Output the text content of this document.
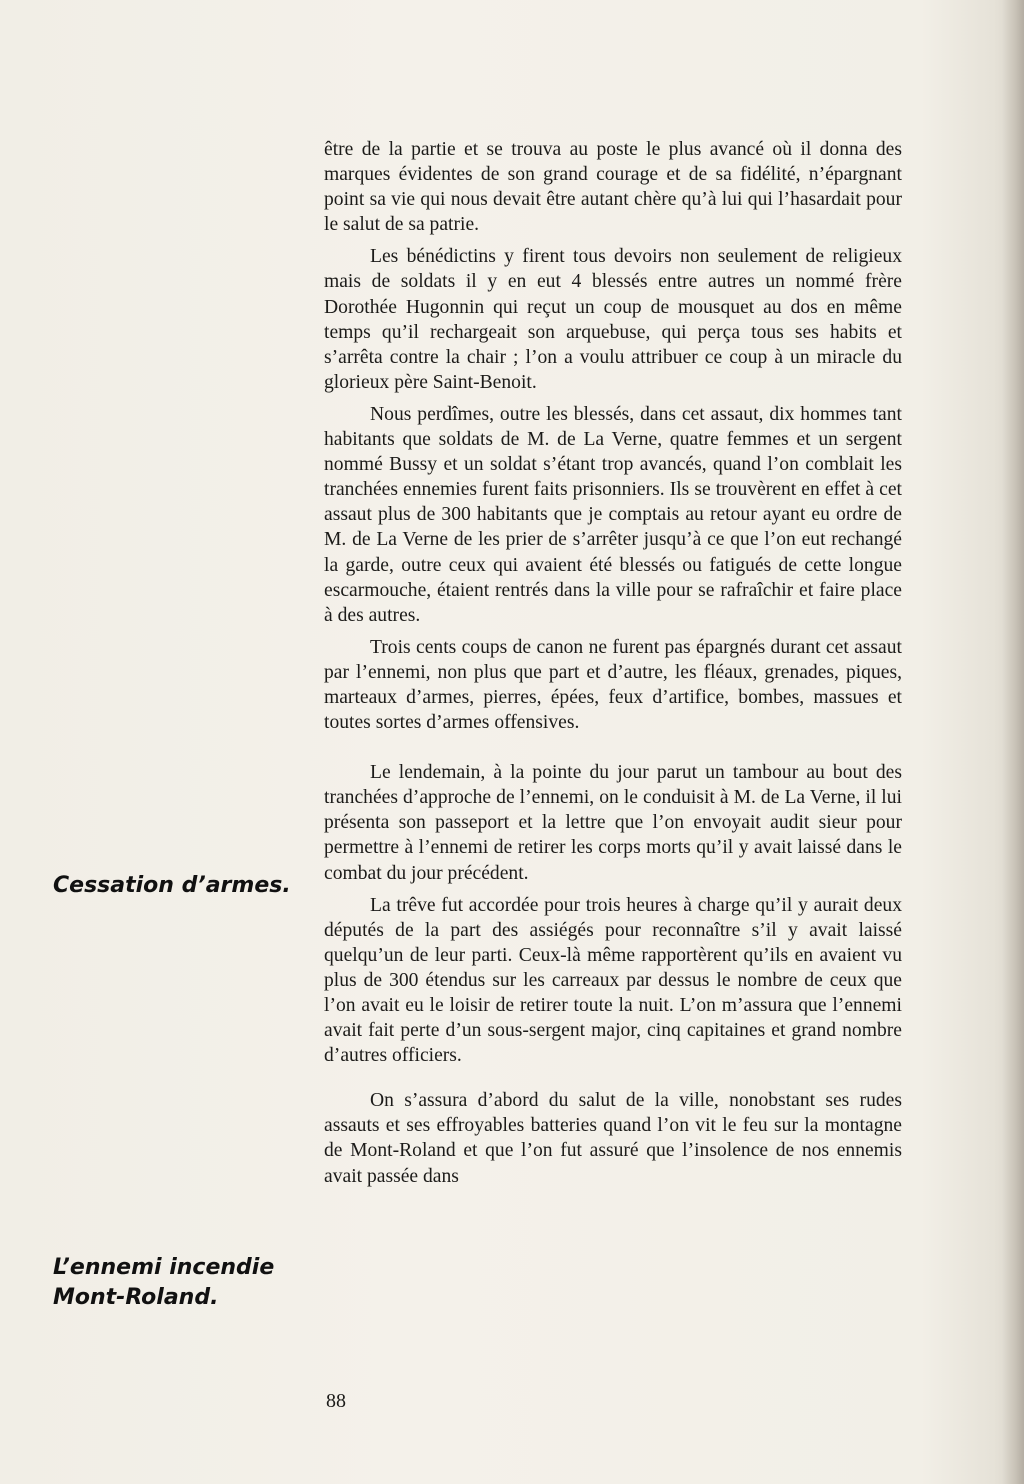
Cessation d’armes.
L’ennemi incendie Mont-Roland.

être de la partie et se trouva au poste le plus avancé où il donna des marques évidentes de son grand courage et de sa fidélité, n’épargnant point sa vie qui nous devait être autant chère qu’à lui qui l’hasardait pour le salut de sa patrie.

Les bénédictins y firent tous devoirs non seulement de religieux mais de soldats il y en eut 4 blessés entre autres un nommé frère Dorothée Hugonnin qui reçut un coup de mousquet au dos en même temps qu’il rechargeait son arquebuse, qui perça tous ses habits et s’arrêta contre la chair ; l’on a voulu attribuer ce coup à un miracle du glorieux père Saint-Benoit.

Nous perdîmes, outre les blessés, dans cet assaut, dix hommes tant habitants que soldats de M. de La Verne, quatre femmes et un sergent nommé Bussy et un soldat s’étant trop avancés, quand l’on comblait les tranchées ennemies furent faits prisonniers. Ils se trouvèrent en effet à cet assaut plus de 300 habitants que je comptais au retour ayant eu ordre de M. de La Verne de les prier de s’arrêter jusqu’à ce que l’on eut rechangé la garde, outre ceux qui avaient été blessés ou fatigués de cette longue escarmouche, étaient rentrés dans la ville pour se rafraîchir et faire place à des autres.

Trois cents coups de canon ne furent pas épargnés durant cet assaut par l’ennemi, non plus que part et d’autre, les fléaux, grenades, piques, marteaux d’armes, pierres, épées, feux d’artifice, bombes, massues et toutes sortes d’armes offensives.

Le lendemain, à la pointe du jour parut un tambour au bout des tranchées d’approche de l’ennemi, on le conduisit à M. de La Verne, il lui présenta son passeport et la lettre que l’on envoyait audit sieur pour permettre à l’ennemi de retirer les corps morts qu’il y avait laissé dans le combat du jour précédent.

La trêve fut accordée pour trois heures à charge qu’il y aurait deux députés de la part des assiégés pour reconnaître s’il y avait laissé quelqu’un de leur parti. Ceux-là même rapportèrent qu’ils en avaient vu plus de 300 étendus sur les carreaux par dessus le nombre de ceux que l’on avait eu le loisir de retirer toute la nuit. L’on m’assura que l’ennemi avait fait perte d’un sous-sergent major, cinq capitaines et grand nombre d’autres officiers.

On s’assura d’abord du salut de la ville, nonobstant ses rudes assauts et ses effroyables batteries quand l’on vit le feu sur la montagne de Mont-Roland et que l’on fut assuré que l’insolence de nos ennemis avait passée dans

88
